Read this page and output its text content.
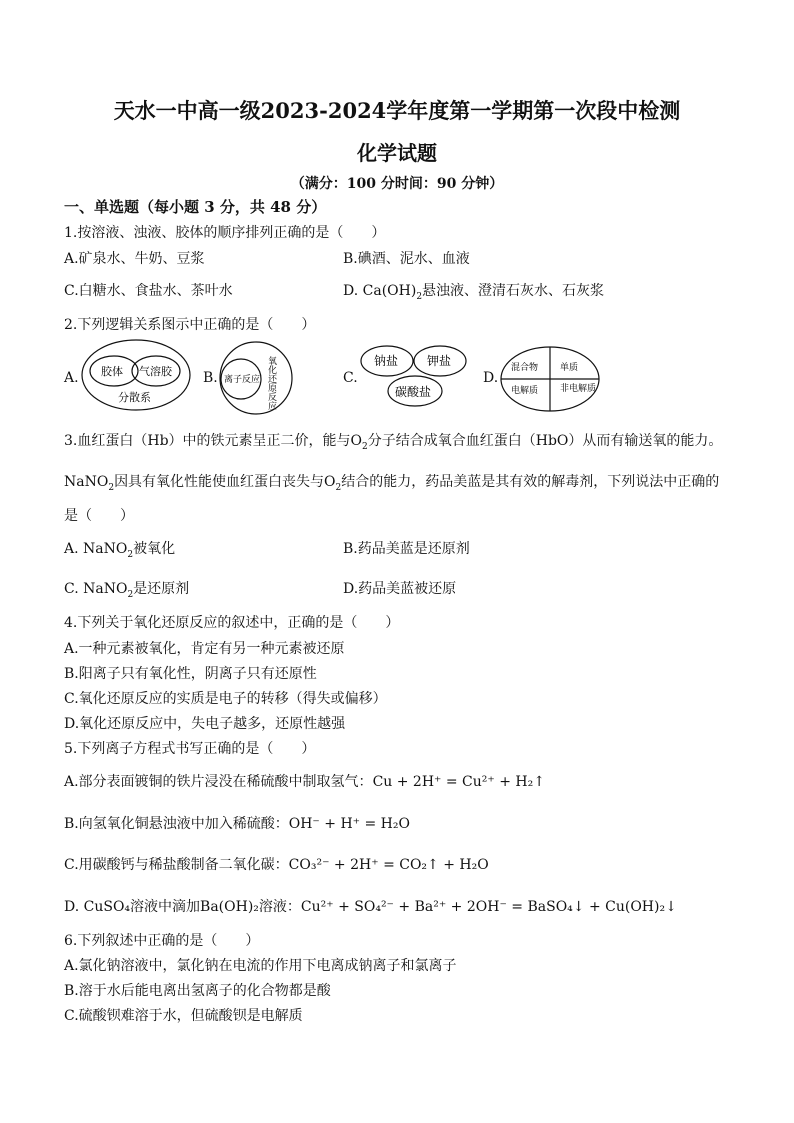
天水一中高一级2023-2024学年度第一学期第一次段中检测
化学试题
（满分：100 分时间：90 分钟）
一、单选题（每小题 3 分，共 48 分）
1.按溶液、浊液、胶体的顺序排列正确的是（　　）
A.矿泉水、牛奶、豆浆	B.碘酒、泥水、血液
C.白糖水、食盐水、茶叶水	D. $Ca(OH)_2$悬浊液、澄清石灰水、石灰浆
2.下列逻辑关系图示中正确的是（　　）
A. 胶体 气溶胶
分散系
B. 离子反应 氧化还原反应	C.
钠盐 钾盐
碳酸盐
D.
混合物 单质
电解质 非电解质
3.血红蛋白（Hb）中的铁元素呈正二价，能与$O_2$分子结合成氧合血红蛋白（HbO）从而有输送氧的能力。
NaNO$_2$因具有氧化性能使血红蛋白丧失与$O_2$结合的能力，药品美蓝是其有效的解毒剂，下列说法中正确的
是（　　）
A. NaNO$_2$被氧化	B.药品美蓝是还原剂
C. NaNO$_2$是还原剂	D.药品美蓝被还原
4.下列关于氧化还原反应的叙述中，正确的是（　　）
A.一种元素被氧化，肯定有另一种元素被还原
B.阳离子只有氧化性，阴离子只有还原性
C.氧化还原反应的实质是电子的转移（得失或偏移）
D.氧化还原反应中，失电子越多，还原性越强
5.下列离子方程式书写正确的是（　　）
A.部分表面镀铜的铁片浸没在稀硫酸中制取氢气：Cu + 2H⁺ = Cu²⁺ + H₂↑
B.向氢氧化铜悬浊液中加入稀硫酸：OH⁻ + H⁺ = H₂O
C.用碳酸钙与稀盐酸制备二氧化碳：CO₃²⁻ + 2H⁺ = CO₂↑ + H₂O
D. CuSO₄溶液中滴加Ba(OH)₂溶液：Cu²⁺ + SO₄²⁻ + Ba²⁺ + 2OH⁻ = BaSO₄↓ + Cu(OH)₂↓
6.下列叙述中正确的是（　　）
A.氯化钠溶液中，氯化钠在电流的作用下电离成钠离子和氯离子
B.溶于水后能电离出氢离子的化合物都是酸
C.硫酸钡难溶于水，但硫酸钡是电解质
